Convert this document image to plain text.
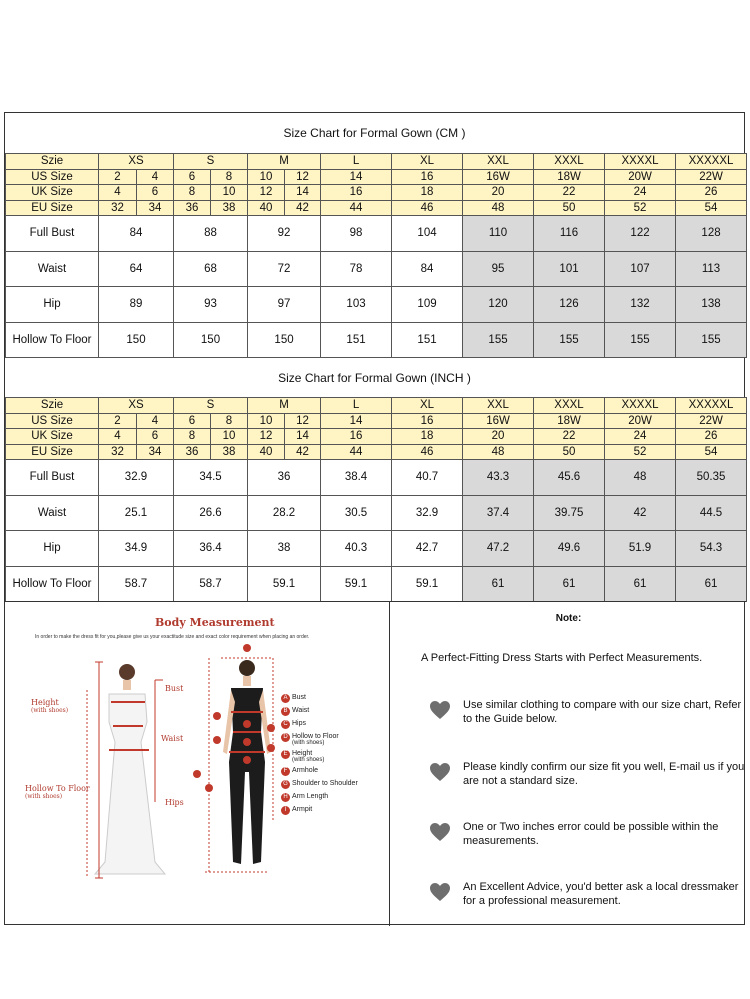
Size Chart for Formal Gown (CM )
Szie	XS		S		M		L	XL	XXL	XXXL	XXXXL	XXXXXL
US Size	2	4	6	8	10	12	14	16	16W	18W	20W	22W
UK Size	4	6	8	10	12	14	16	18	20	22	24	26
EU Size	32	34	36	38	40	42	44	46	48	50	52	54
Full Bust	84		88		92		98	104	110	116	122	128
Waist	64		68		72		78	84	95	101	107	113
Hip	89		93		97		103	109	120	126	132	138
Hollow To Floor	150		150		150		151	151	155	155	155	155
Size Chart for Formal Gown (INCH )
Szie	XS		S		M		L	XL	XXL	XXXL	XXXXL	XXXXXL
US Size	2	4	6	8	10	12	14	16	16W	18W	20W	22W
UK Size	4	6	8	10	12	14	16	18	20	22	24	26
EU Size	32	34	36	38	40	42	44	46	48	50	52	54
Full Bust	32.9		34.5		36		38.4	40.7	43.3	45.6	48	50.35
Waist	25.1		26.6		28.2		30.5	32.9	37.4	39.75	42	44.5
Hip	34.9		36.4		38		40.3	42.7	47.2	49.6	51.9	54.3
Hollow To Floor	58.7		58.7		59.1		59.1	59.1	61	61	61	61
Body Measurement
In order to make the dress fit for you,please give us your exactitude size and exact color requirement when placing an order.
Bust
Waist
Hips
Height
(with shoes)
Hollow To Floor
(with shoes)
A Bust
B Waist
C Hips
D Hollow to Floor
(with shoes)
E Height
(with shoes)
F Armhole
G Shoulder to Shoulder
H Arm Length
I Armpit
Note:
A Perfect-Fitting Dress Starts with Perfect Measurements.
Use similar clothing to compare with our size chart, Refer to the Guide below.
Please kindly confirm our size fit you well, E-mail us if you are not a standard size.
One or Two inches error could be possible within the measurements.
An Excellent Advice, you'd better ask a local dressmaker for a professional measurement.
